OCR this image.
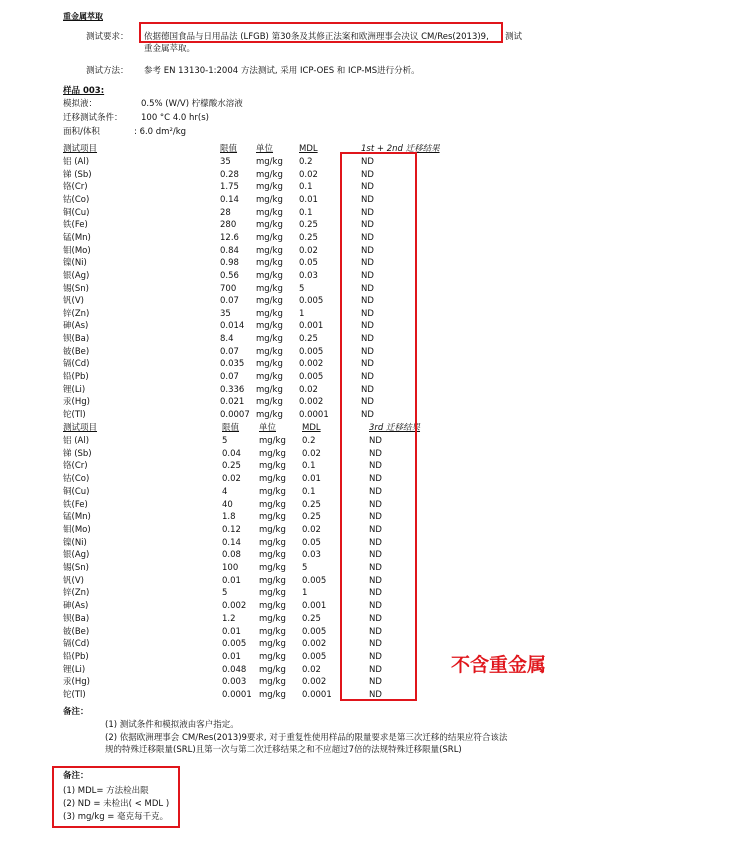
重金属萃取
测试要求： 依据德国食品与日用品法 (LFGB) 第30条及其修正法案和欧洲理事会决议 CM/Res(2013)9, 测试
重金属萃取。
测试方法： 参考 EN 13130-1:2004 方法测试, 采用 ICP-OES 和 ICP-MS进行分析。
样品 003:
模拟液：	0.5% (W/V) 柠檬酸水溶液
迁移测试条件： 100 °C 4.0 hr(s)
面积/体积	: 6.0 dm²/kg
测试项目	限值 单位	MDL	1st + 2nd 迁移结果
铝 (Al)	35	mg/kg 0.2	ND
锑 (Sb)	0.28 mg/kg 0.02	ND
铬(Cr)	1.75 mg/kg 0.1	ND
钴(Co)	0.14 mg/kg 0.01	ND
铜(Cu)	28	mg/kg 0.1	ND
铁(Fe)	280 mg/kg 0.25	ND
锰(Mn)	12.6 mg/kg 0.25	ND
钼(Mo)	0.84 mg/kg 0.02	ND
镍(Ni)	0.98 mg/kg 0.05	ND
银(Ag)	0.56 mg/kg 0.03	ND
锡(Sn)	700 mg/kg 5	ND
钒(V)	0.07 mg/kg 0.005	ND
锌(Zn)	35	mg/kg 1	ND
砷(As)	0.014 mg/kg 0.001	ND
钡(Ba)	8.4	mg/kg 0.25	ND
铍(Be)	0.07 mg/kg 0.005	ND
镉(Cd)	0.035 mg/kg 0.002	ND
铅(Pb)	0.07 mg/kg 0.005	ND
锂(Li)	0.336 mg/kg 0.02	ND
汞(Hg)	0.021 mg/kg 0.002	ND
铊(Tl)	0.0007 mg/kg 0.0001	ND
测试项目	限值 单位	MDL	3rd 迁移结果
铝 (Al)	5	mg/kg 0.2	ND
锑 (Sb)	0.04 mg/kg 0.02	ND
铬(Cr)	0.25 mg/kg 0.1	ND
钴(Co)	0.02 mg/kg 0.01	ND
铜(Cu)	4	mg/kg 0.1	ND
铁(Fe)	40	mg/kg 0.25	ND
锰(Mn)	1.8	mg/kg 0.25	ND
钼(Mo)	0.12 mg/kg 0.02	ND
镍(Ni)	0.14 mg/kg 0.05	ND
银(Ag)	0.08 mg/kg 0.03	ND
锡(Sn)	100 mg/kg 5	ND
钒(V)	0.01 mg/kg 0.005	ND
锌(Zn)	5	mg/kg 1	ND
砷(As)	0.002 mg/kg 0.001	ND
钡(Ba)	1.2	mg/kg 0.25	ND
铍(Be)	0.01 mg/kg 0.005	ND
镉(Cd)	0.005 mg/kg 0.002	ND
铅(Pb)	0.01 mg/kg 0.005	ND
锂(Li)	0.048 mg/kg 0.02	ND
汞(Hg)	0.003 mg/kg 0.002	ND
铊(Tl)	0.0001 mg/kg 0.0001	ND
不含重金属
备注：
(1) 测试条件和模拟液由客户指定。
(2) 依据欧洲理事会 CM/Res(2013)9要求, 对于重复性使用样品的限量要求是第三次迁移的结果应符合该法
规的特殊迁移限量(SRL)且第一次与第二次迁移结果之和不应超过7倍的法规特殊迁移限量(SRL)
备注：
(1) MDL= 方法检出限
(2) ND = 未检出( < MDL )
(3) mg/kg = 毫克每千克。
